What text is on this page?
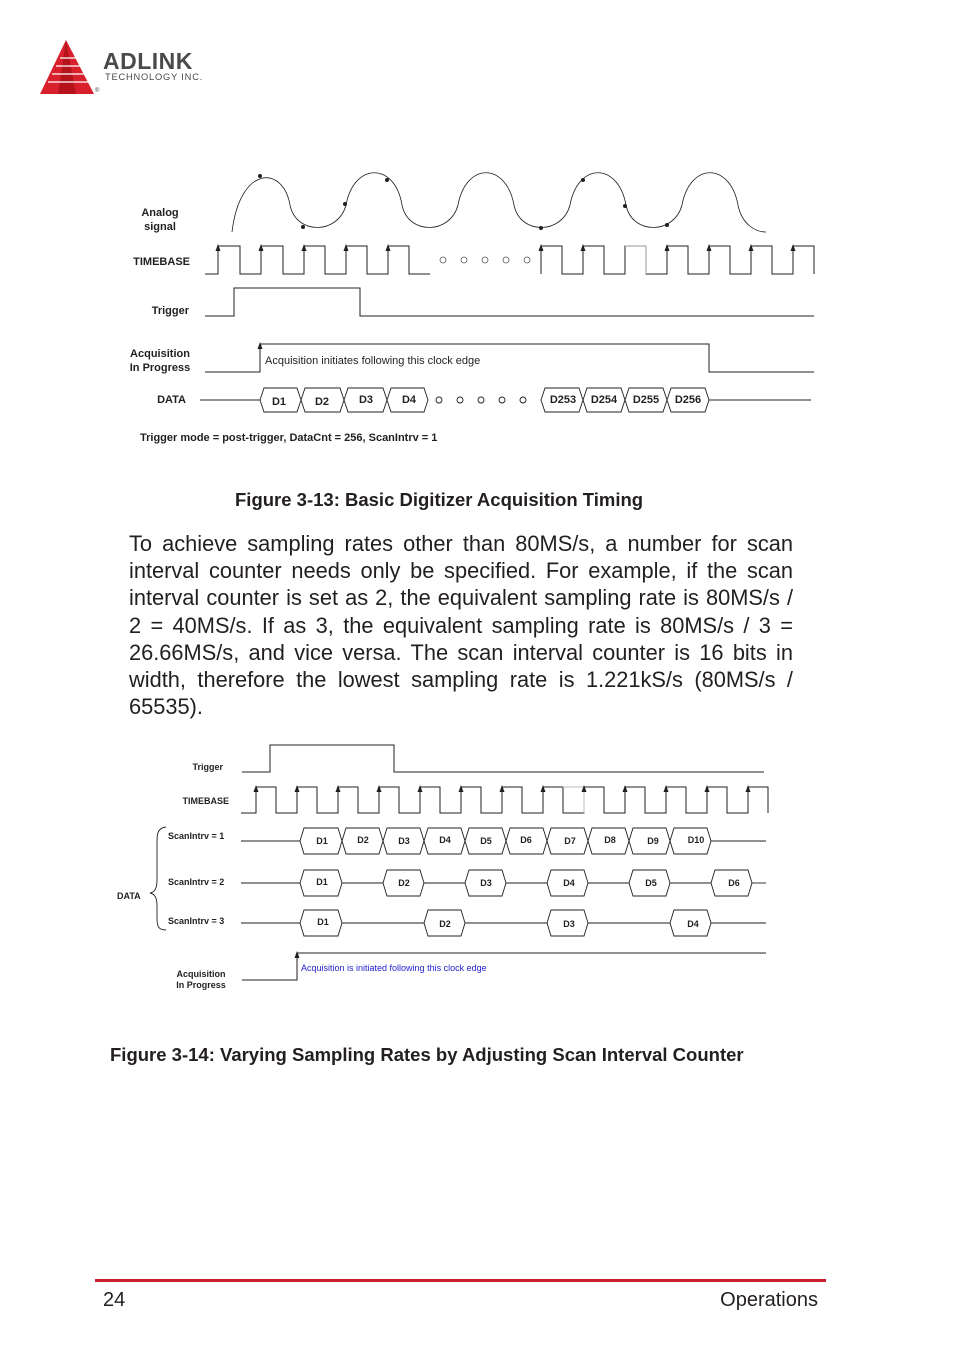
ADLINK
TECHNOLOGY INC.
®
Analog
signal
TIMEBASE
Trigger
Acquisition
In Progress
DATA
Trigger mode = post-trigger, DataCnt = 256, ScanIntrv = 1
Acquisition initiates following this clock edge
D1	D2	D3	D4	D253 D254 D255 D256
Figure 3-13: Basic Digitizer Acquisition Timing
To achieve sampling rates other than 80MS/s, a number for scan interval counter needs only be specified. For example, if the scan interval counter is set as 2, the equivalent sampling rate is 80MS/s / 2 = 40MS/s. If as 3, the equivalent sampling rate is 80MS/s / 3 = 26.66MS/s, and vice versa. The scan interval counter is 16 bits in width, therefore the lowest sampling rate is 1.221kS/s (80MS/s / 65535).
Trigger
TIMEBASE
ScanIntrv = 1
ScanIntrv = 2
ScanIntrv = 3
DATA
Acquisition
In Progress
D1	D2	D3	D4	D5	D6	D7	D8	D9	D10
D1	D2	D3	D4	D5	D6
D1	D2	D3	D4
Acquisition is initiated following this clock edge
Figure 3-14: Varying Sampling Rates by Adjusting Scan Interval Counter
24	Operations
